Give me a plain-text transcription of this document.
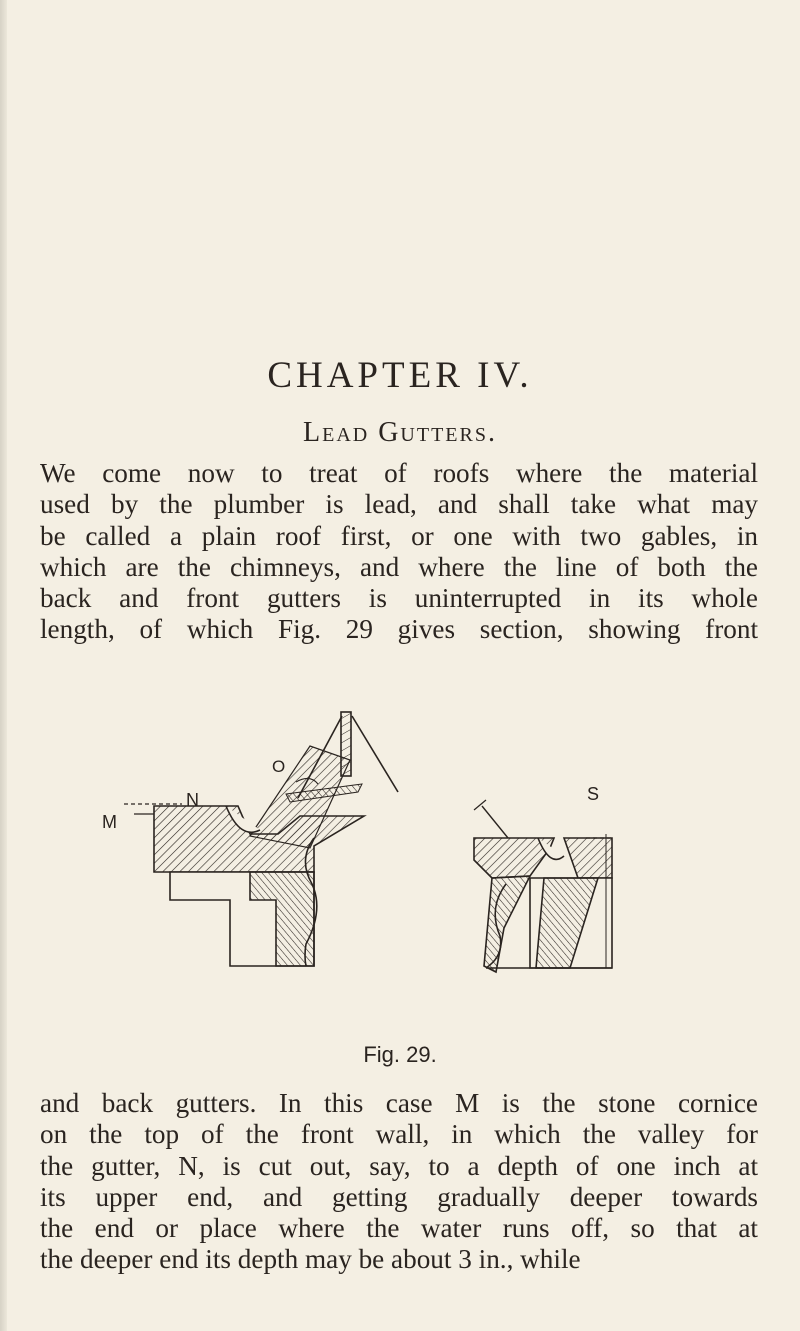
CHAPTER IV.
Lead Gutters.
We come now to treat of roofs where the material
used by the plumber is lead, and shall take what may
be called a plain roof first, or one with two gables, in
which are the chimneys, and where the line of both the
back and front gutters is uninterrupted in its whole
length, of which Fig. 29 gives section, showing front
O
N
M
S
Fig. 29.
and back gutters. In this case M is the stone cornice
on the top of the front wall, in which the valley for
the gutter, N, is cut out, say, to a depth of one inch at
its upper end, and getting gradually deeper towards
the end or place where the water runs off, so that at
the deeper end its depth may be about 3 in., while
